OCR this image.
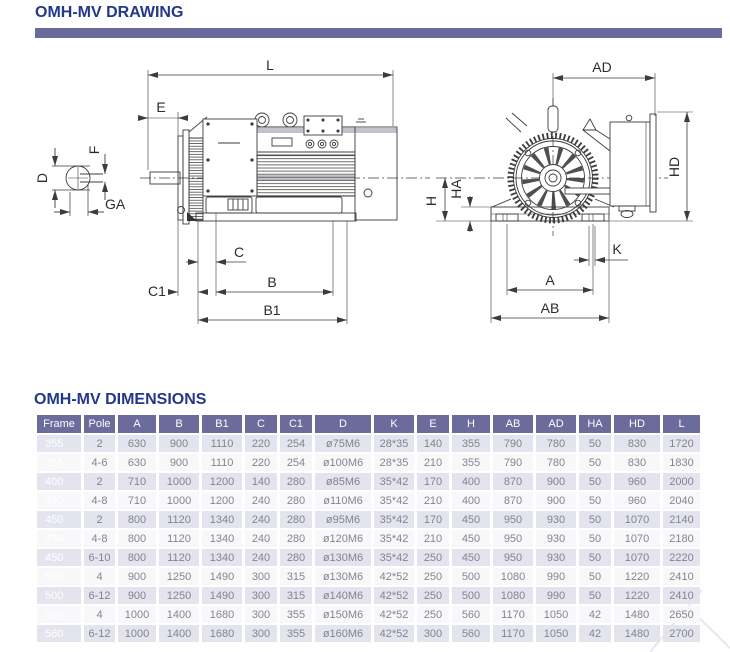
OMH-MV DRAWING
D
F
GA
L
E
C
C1
B
B1
AD
HD
H
HA
K
A
AB
OMH-MV DIMENSIONS
Frame	Pole	A	B	B1	C	C1	D	K	E	H	AB	AD	HA	HD	L
355	2	630	900	1110	220	254	ø75M6	28*35	140	355	790	780	50	830	1720
355	4-6	630	900	1110	220	254	ø100M6	28*35	210	355	790	780	50	830	1830
400	2	710	1000	1200	140	280	ø85M6	35*42	170	400	870	900	50	960	2000
400	4-8	710	1000	1200	240	280	ø110M6	35*42	210	400	870	900	50	960	2040
450	2	800	1120	1340	240	280	ø95M6	35*42	170	450	950	930	50	1070	2140
450	4-8	800	1120	1340	240	280	ø120M6	35*42	210	450	950	930	50	1070	2180
450	6-10	800	1120	1340	240	280	ø130M6	35*42	250	450	950	930	50	1070	2220
500	4	900	1250	1490	300	315	ø130M6	42*52	250	500	1080	990	50	1220	2410
500	6-12	900	1250	1490	300	315	ø140M6	42*52	250	500	1080	990	50	1220	2410
560	4	1000	1400	1680	300	355	ø150M6	42*52	250	560	1170	1050	42	1480	2650
560	6-12	1000	1400	1680	300	355	ø160M6	42*52	300	560	1170	1050	42	1480	2700
